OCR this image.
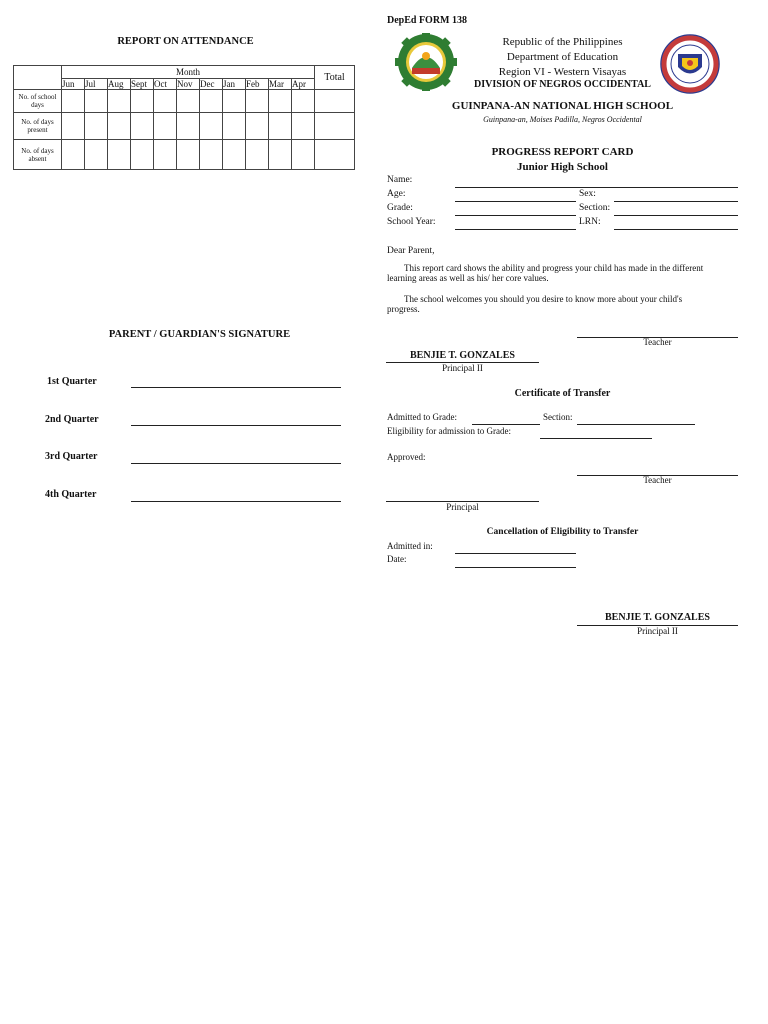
REPORT ON ATTENDANCE
	Month											Total
	Jun	Jul	Aug	Sept	Oct	Nov	Dec	Jan	Feb	Mar	Apr	
No. of school days												
No. of days present												
No. of days absent												
PARENT / GUARDIAN'S SIGNATURE
1st Quarter
2nd Quarter
3rd Quarter
4th Quarter
DepEd FORM 138
Republic of the Philippines
Department of Education
Region VI - Western Visayas
DIVISION OF NEGROS OCCIDENTAL
GUINPANA-AN NATIONAL HIGH SCHOOL
Guinpana-an, Moises Padilla, Negros Occidental
PROGRESS REPORT CARD
Junior High School
Name:
Age:	Sex:
Grade:	Section:
School Year:	LRN:
Dear Parent,
This report card shows the ability and progress your child has made in the different learning areas as well as his/ her core values.
The school welcomes you should you desire to know more about your child's progress.
Teacher
BENJIE T. GONZALES
Principal II
Certificate of Transfer
Admitted to Grade:	Section:
Eligibility for admission to Grade:
Approved:
Teacher
Principal
Cancellation of Eligibility to Transfer
Admitted in:
Date:
BENJIE T. GONZALES
Principal II
